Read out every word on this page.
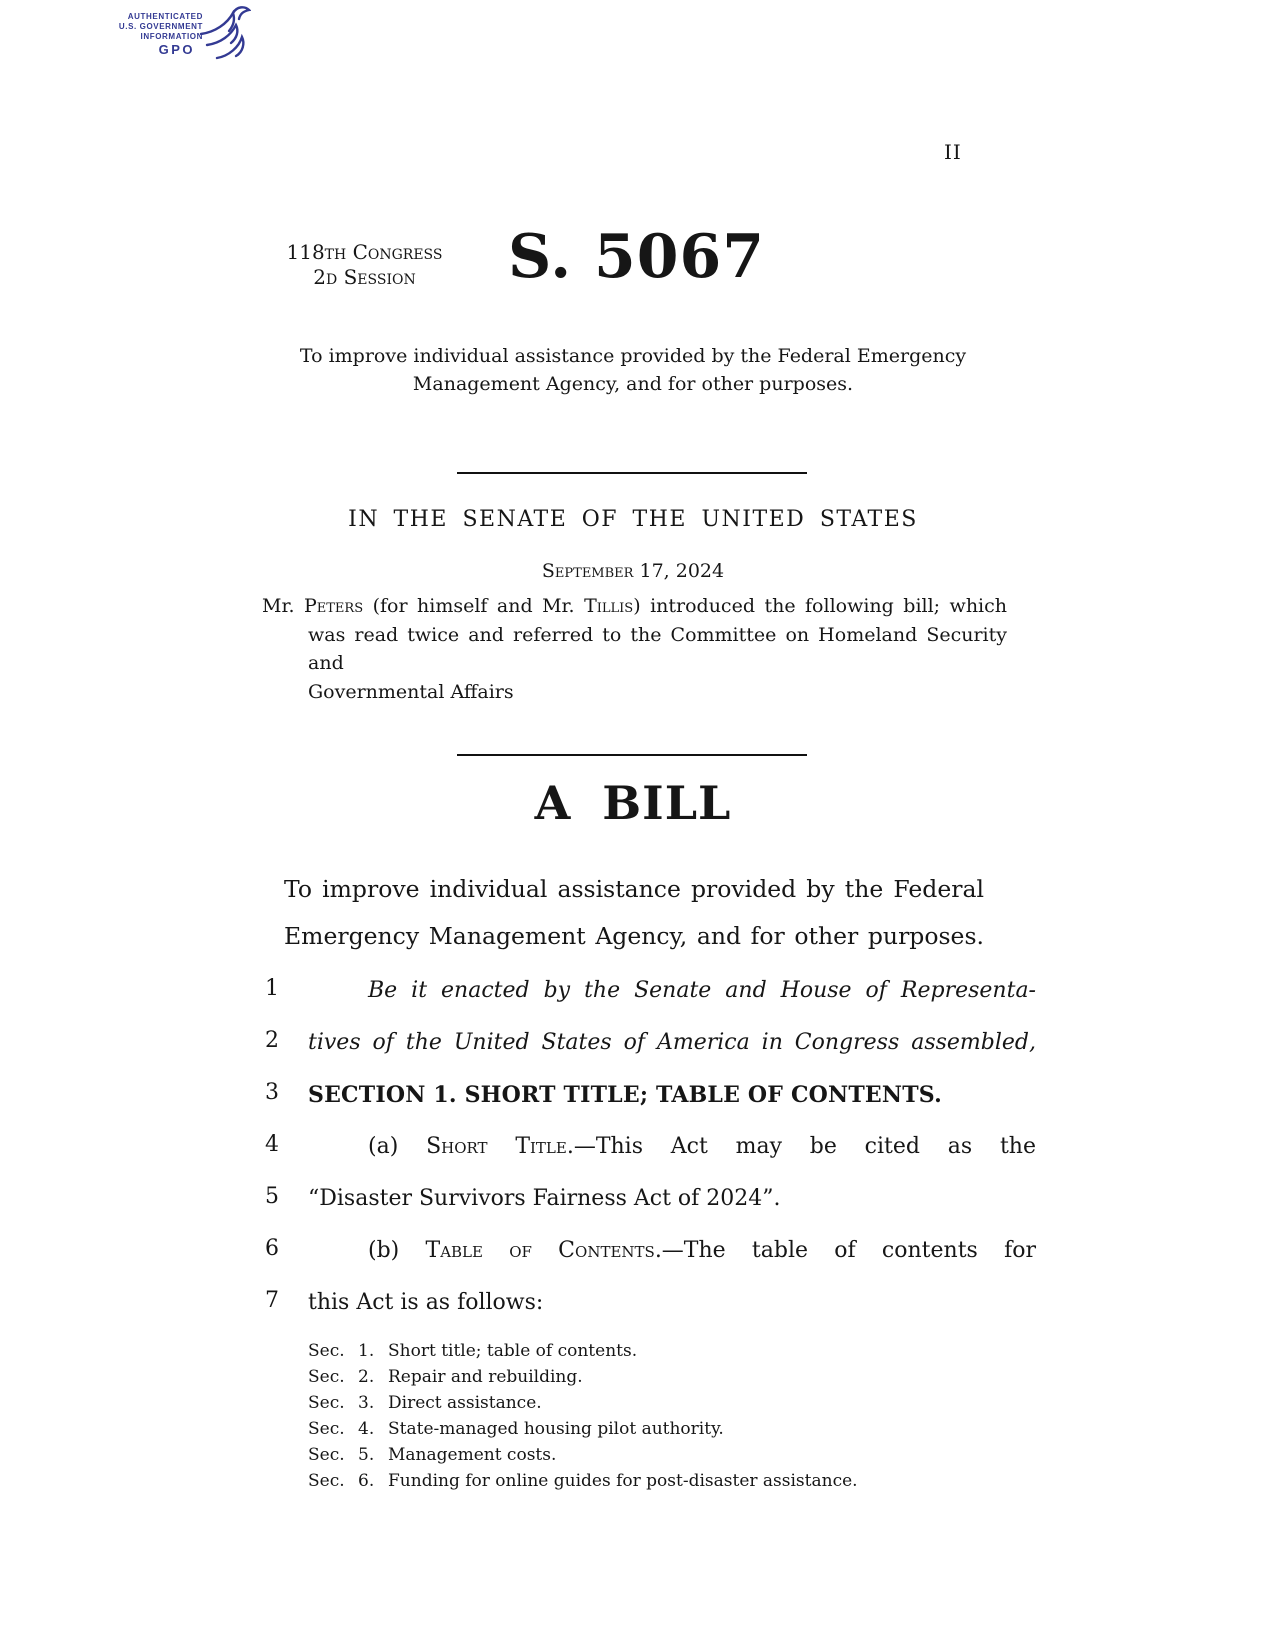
AUTHENTICATED
U.S. GOVERNMENT
INFORMATION
GPO
II
118th Congress
2d Session	S. 5067
To improve individual assistance provided by the Federal Emergency
Management Agency, and for other purposes.
IN THE SENATE OF THE UNITED STATES
September 17, 2024
Mr. Peters (for himself and Mr. Tillis) introduced the following bill; which
was read twice and referred to the Committee on Homeland Security and
Governmental Affairs
A BILL
To improve individual assistance provided by the Federal
Emergency Management Agency, and for other purposes.
1	Be it enacted by the Senate and House of Representa-
2	tives of the United States of America in Congress assembled,
3	SECTION 1. SHORT TITLE; TABLE OF CONTENTS.
4	(a) Short Title.—This Act may be cited as the
5	“Disaster Survivors Fairness Act of 2024”.
6	(b) Table of Contents.—The table of contents for
7	this Act is as follows:
Sec. 1. Short title; table of contents.
Sec. 2. Repair and rebuilding.
Sec. 3. Direct assistance.
Sec. 4. State-managed housing pilot authority.
Sec. 5. Management costs.
Sec. 6. Funding for online guides for post-disaster assistance.
